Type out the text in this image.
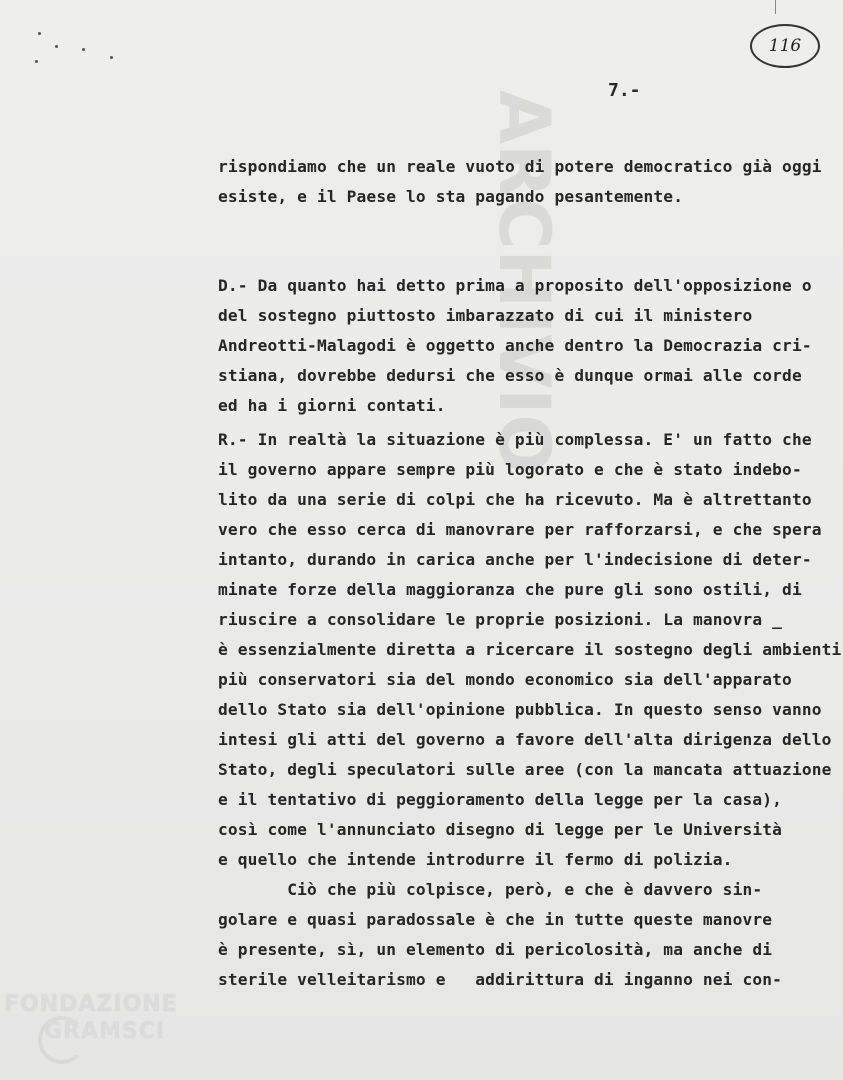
116
ARCHIVIO 7.-
rispondiamo che un reale vuoto di potere democratico già oggi
esiste, e il Paese lo sta pagando pesantemente.
D.- Da quanto hai detto prima a proposito dell'opposizione o
del sostegno piuttosto imbarazzato di cui il ministero
Andreotti-Malagodi è oggetto anche dentro la Democrazia cri-
stiana, dovrebbe dedursi che esso è dunque ormai alle corde
ed ha i giorni contati.
R.- In realtà la situazione è più complessa. E' un fatto che
il governo appare sempre più logorato e che è stato indebo-
lito da una serie di colpi che ha ricevuto. Ma è altrettanto
vero che esso cerca di manovrare per rafforzarsi, e che spera
intanto, durando in carica anche per l'indecisione di deter-
minate forze della maggioranza che pure gli sono ostili, di
riuscire a consolidare le proprie posizioni. La manovra _
è essenzialmente diretta a ricercare il sostegno degli ambienti
più conservatori sia del mondo economico sia dell'apparato
dello Stato sia dell'opinione pubblica. In questo senso vanno
intesi gli atti del governo a favore dell'alta dirigenza dello
Stato, degli speculatori sulle aree (con la mancata attuazione
e il tentativo di peggioramento della legge per la casa),
così come l'annunciato disegno di legge per le Università
e quello che intende introdurre il fermo di polizia.
Ciò che più colpisce, però, e che è davvero sin-
golare e quasi paradossale è che in tutte queste manovre
è presente, sì, un elemento di pericolosità, ma anche di
sterile velleitarismo e   addirittura di inganno nei con-
FONDAZIONE
GRAMSCI
